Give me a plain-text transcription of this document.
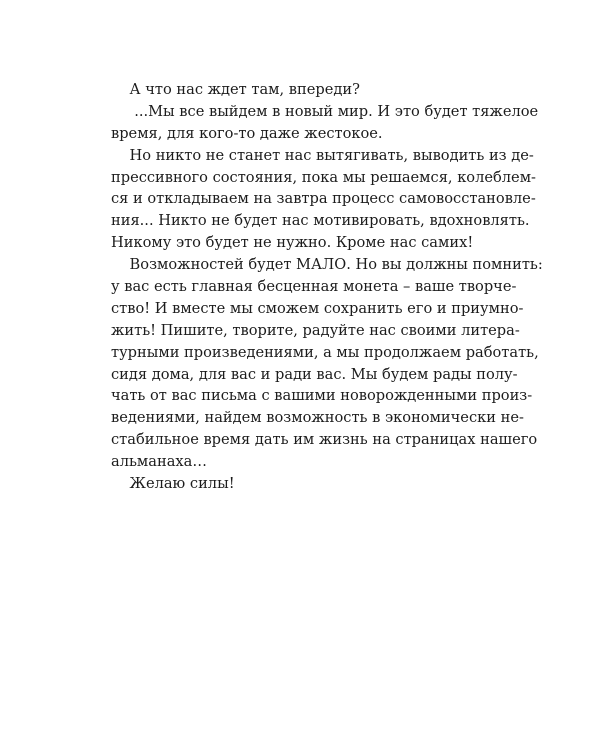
А что нас ждет там, впереди?
...Мы все выйдем в новый мир. И это будет тяжелое
время, для кого-то даже жестокое.
Но никто не станет нас вытягивать, выводить из де-
прессивного состояния, пока мы решаемся, колеблем-
ся и откладываем на завтра процесс самовосстановле-
ния... Никто не будет нас мотивировать, вдохновлять.
Никому это будет не нужно. Кроме нас самих!
Возможностей будет МАЛО. Но вы должны помнить:
у вас есть главная бесценная монета – ваше творче-
ство! И вместе мы сможем сохранить его и приумно-
жить! Пишите, творите, радуйте нас своими литера-
турными произведениями, а мы продолжаем работать,
сидя дома, для вас и ради вас. Мы будем рады полу-
чать от вас письма с вашими новорожденными произ-
ведениями, найдем возможность в экономически не-
стабильное время дать им жизнь на страницах нашего
альманаха…
Желаю силы!
